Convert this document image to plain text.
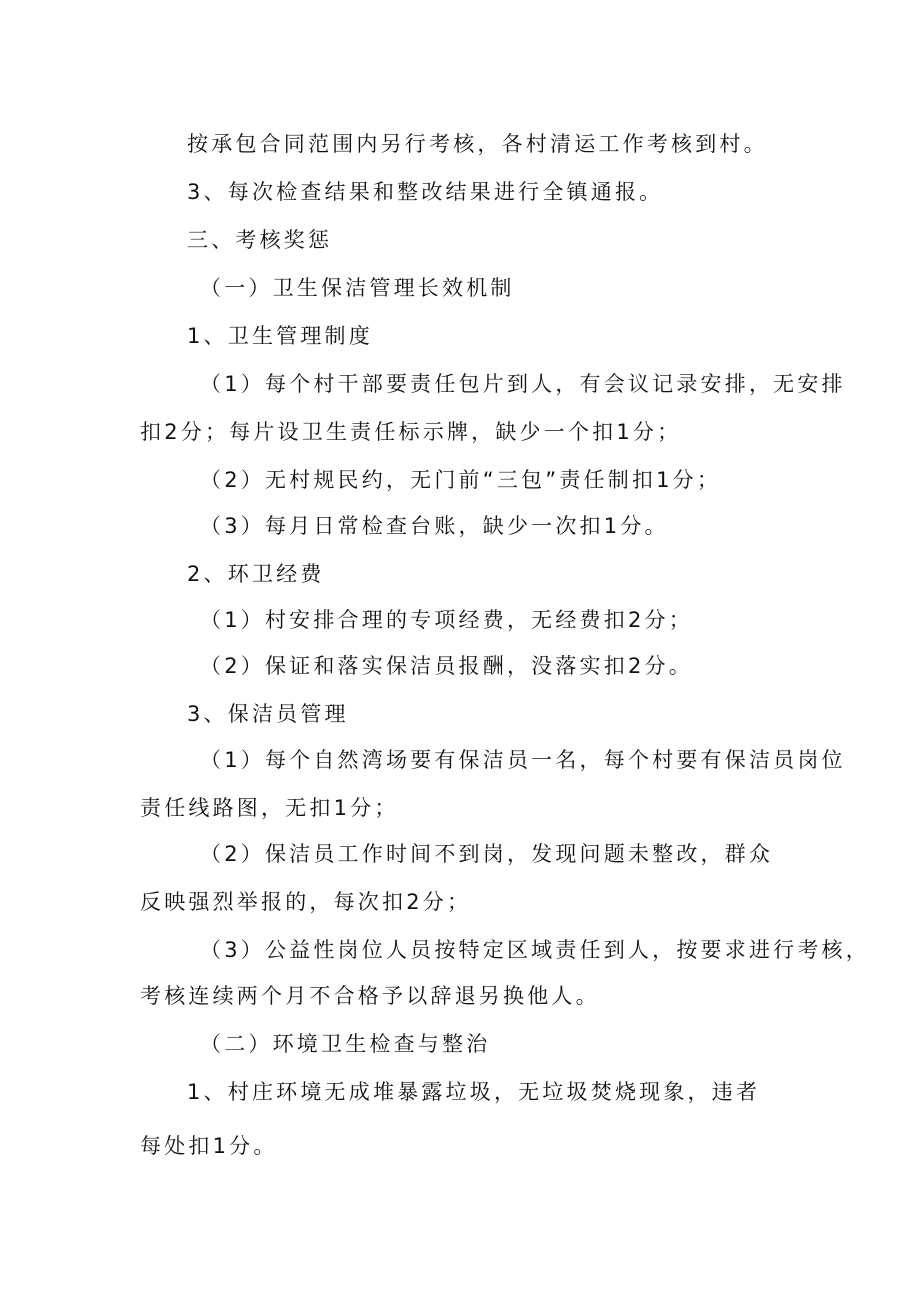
按承包合同范围内另行考核，各村清运工作考核到村。
3、每次检查结果和整改结果进行全镇通报。
三、考核奖惩
（一）卫生保洁管理长效机制
1、卫生管理制度
（1）每个村干部要责任包片到人，有会议记录安排，无安排
扣2分；每片设卫生责任标示牌，缺少一个扣1分；
（2）无村规民约，无门前“三包”责任制扣1分；
（3）每月日常检查台账，缺少一次扣1分。
2、环卫经费
（1）村安排合理的专项经费，无经费扣2分；
（2）保证和落实保洁员报酬，没落实扣2分。
3、保洁员管理
（1）每个自然湾场要有保洁员一名，每个村要有保洁员岗位
责任线路图，无扣1分；
（2）保洁员工作时间不到岗，发现问题未整改，群众
反映强烈举报的，每次扣2分；
（3）公益性岗位人员按特定区域责任到人，按要求进行考核，
考核连续两个月不合格予以辞退另换他人。
（二）环境卫生检查与整治
1、村庄环境无成堆暴露垃圾，无垃圾焚烧现象，违者
每处扣1分。
